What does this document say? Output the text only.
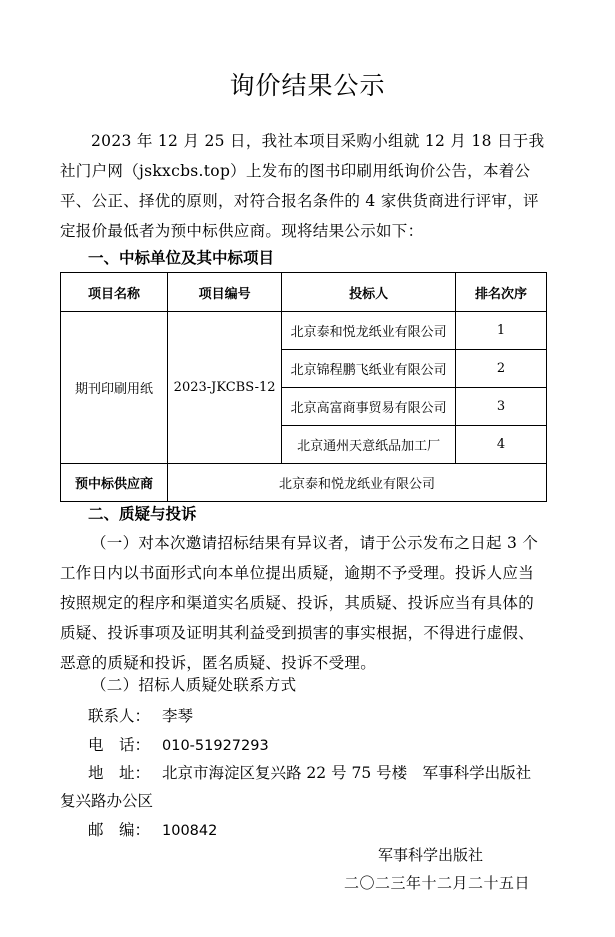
询价结果公示
2023 年 12 月 25 日，我社本项目采购小组就 12 月 18 日于我社门户网（jskxcbs.top）上发布的图书印刷用纸询价公告，本着公平、公正、择优的原则，对符合报名条件的 4 家供货商进行评审，评定报价最低者为预中标供应商。现将结果公示如下：
一、中标单位及其中标项目
项目名称	项目编号	投标人	排名次序
期刊印刷用纸	2023-JKCBS-12	北京泰和悦龙纸业有限公司	1
		北京锦程鹏飞纸业有限公司	2
		北京高富商事贸易有限公司	3
		北京通州天意纸品加工厂	4
预中标供应商	北京泰和悦龙纸业有限公司		
二、质疑与投诉
（一）对本次邀请招标结果有异议者，请于公示发布之日起 3 个工作日内以书面形式向本单位提出质疑，逾期不予受理。投诉人应当按照规定的程序和渠道实名质疑、投诉，其质疑、投诉应当有具体的质疑、投诉事项及证明其利益受到损害的事实根据，不得进行虚假、恶意的质疑和投诉，匿名质疑、投诉不受理。
（二）招标人质疑处联系方式
联系人： 李琴
电　话： 010-51927293
地　址： 北京市海淀区复兴路 22 号 75 号楼　军事科学出版社
复兴路办公区
邮　编： 100842
军事科学出版社
二〇二三年十二月二十五日
